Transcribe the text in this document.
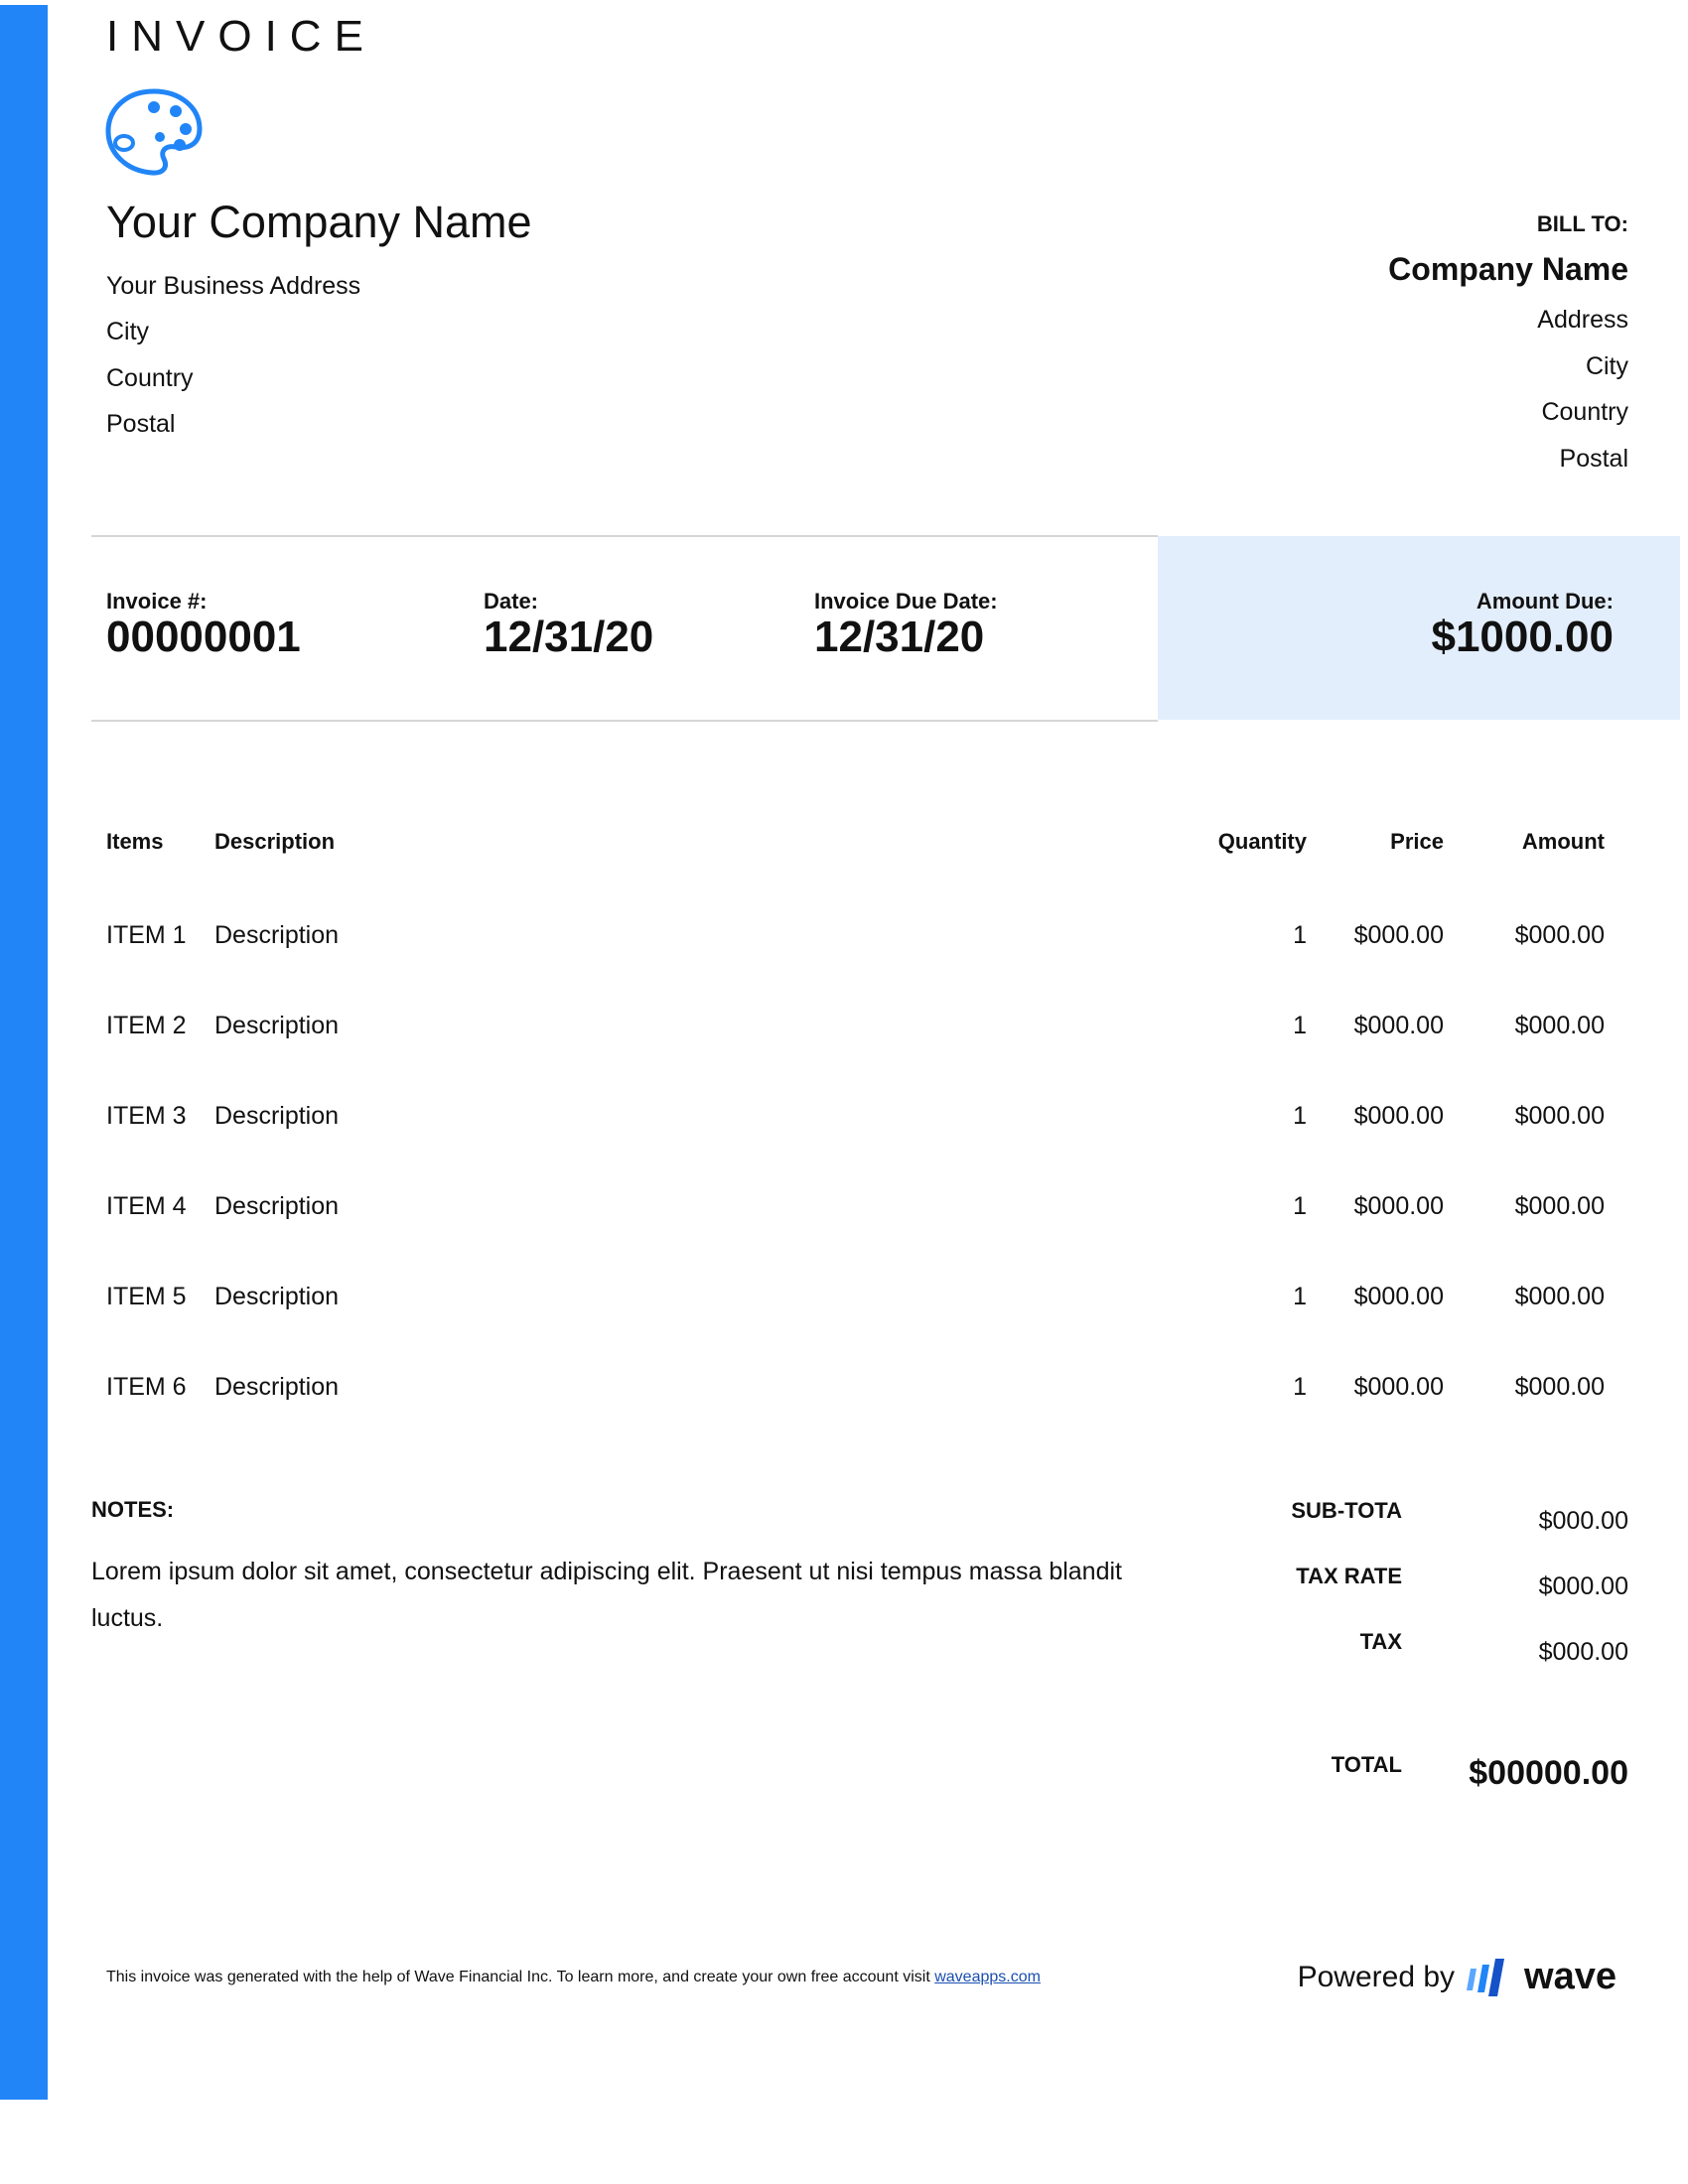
INVOICE
Your Company Name
Your Business Address
City
Country
Postal
BILL TO:
Company Name
Address
City
Country
Postal
Invoice #:
00000001
Date:
12/31/20
Invoice Due Date:
12/31/20
Amount Due:
$1000.00
Items Description	Quantity	Price	Amount
ITEM 1 Description	1 $000.00	$000.00
ITEM 2 Description	1 $000.00	$000.00
ITEM 3 Description	1 $000.00	$000.00
ITEM 4 Description	1 $000.00	$000.00
ITEM 5 Description	1 $000.00	$000.00
ITEM 6 Description	1 $000.00	$000.00
NOTES:
Lorem ipsum dolor sit amet, consectetur adipiscing elit. Praesent ut nisi tempus massa blandit luctus.
SUB-TOTA	$000.00
TAX RATE	$000.00
TAX	$000.00
TOTAL $00000.00
This invoice was generated with the help of Wave Financial Inc. To learn more, and create your own free account visit waveapps.com	Powered by wave
